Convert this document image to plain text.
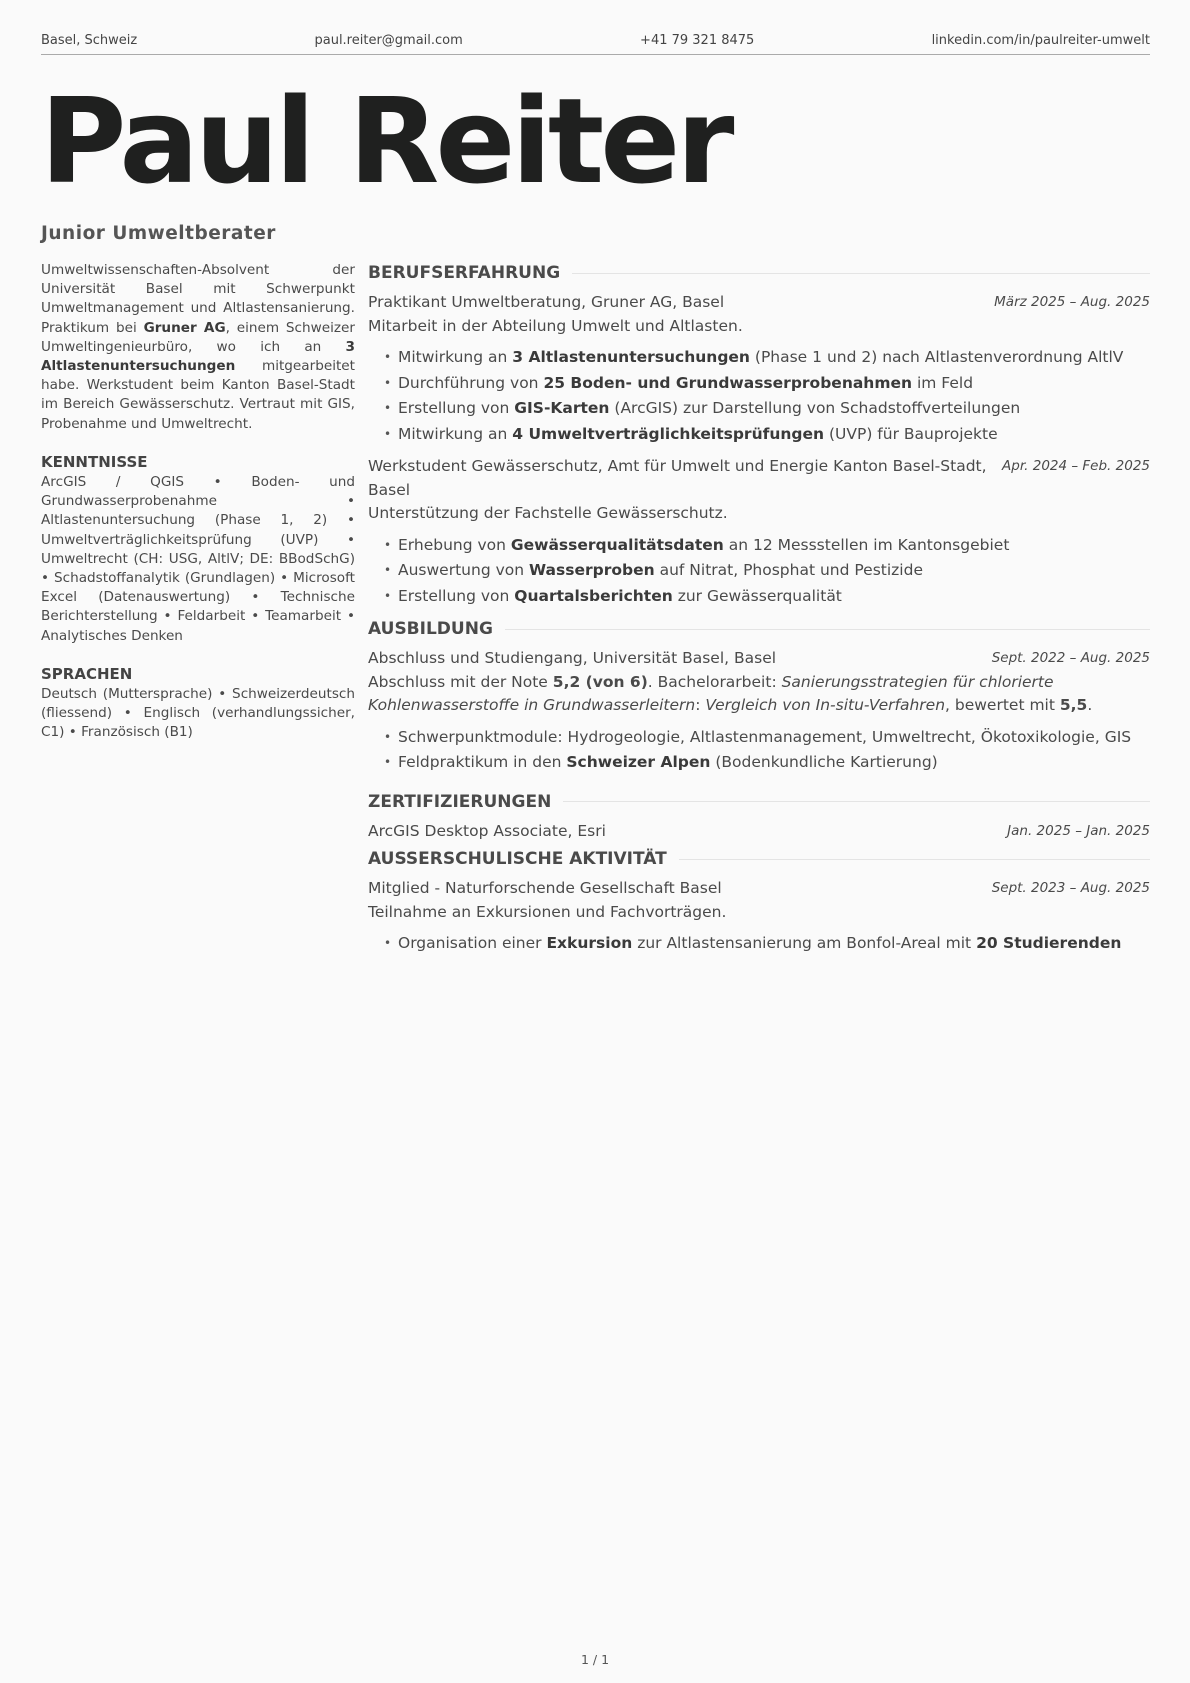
Basel, Schweiz	paul.reiter@gmail.com	+41 79 321 8475	linkedin.com/in/paulreiter-umwelt
Paul Reiter
Junior Umweltberater

Umweltwissenschaften-Absolvent der Universität Basel mit Schwerpunkt Umweltmanagement und Altlastensanierung. Praktikum bei Gruner AG, einem Schweizer Umweltingenieurbüro, wo ich an 3 Altlastenuntersuchungen mitgearbeitet habe. Werkstudent beim Kanton Basel-Stadt im Bereich Gewässerschutz. Vertraut mit GIS, Probenahme und Umweltrecht.

KENNTNISSE

ArcGIS / QGIS • Boden- und Grundwasserprobenahme • Altlastenuntersuchung (Phase 1, 2) • Umweltverträglichkeitsprüfung (UVP) • Umweltrecht (CH: USG, AltlV; DE: BBodSchG) • Schadstoffanalytik (Grundlagen) • Microsoft Excel (Datenauswertung) • Technische Berichterstellung • Feldarbeit • Teamarbeit • Analytisches Denken

SPRACHEN

Deutsch (Muttersprache) • Schweizerdeutsch (fliessend) • Englisch (verhandlungssicher, C1) • Französisch (B1)

BERUFSERFAHRUNG
Praktikant Umweltberatung, Gruner AG, Basel	März 2025 – Aug. 2025

Mitarbeit in der Abteilung Umwelt und Altlasten.

• Mitwirkung an 3 Altlastenuntersuchungen (Phase 1 und 2) nach Altlastenverordnung AltlV
• Durchführung von 25 Boden- und Grundwasserprobenahmen im Feld
• Erstellung von GIS-Karten (ArcGIS) zur Darstellung von Schadstoffverteilungen
• Mitwirkung an 4 Umweltverträglichkeitsprüfungen (UVP) für Bauprojekte
Werkstudent Gewässerschutz, Amt für Umwelt und Energie Kanton Basel-Stadt, Basel
Apr. 2024 – Feb. 2025

Unterstützung der Fachstelle Gewässerschutz.

• Erhebung von Gewässerqualitätsdaten an 12 Messstellen im Kantonsgebiet
• Auswertung von Wasserproben auf Nitrat, Phosphat und Pestizide
• Erstellung von Quartalsberichten zur Gewässerqualität
AUSBILDUNG
Abschluss und Studiengang, Universität Basel, Basel	Sept. 2022 – Aug. 2025

Abschluss mit der Note 5,2 (von 6). Bachelorarbeit: Sanierungsstrategien für chlorierte Kohlenwasserstoffe in Grundwasserleitern: Vergleich von In-situ-Verfahren, bewertet mit 5,5.

• Schwerpunktmodule: Hydrogeologie, Altlastenmanagement, Umweltrecht, Ökotoxikologie, GIS
• Feldpraktikum in den Schweizer Alpen (Bodenkundliche Kartierung)
ZERTIFIZIERUNGEN
ArcGIS Desktop Associate, Esri	Jan. 2025 – Jan. 2025
AUSSERSCHULISCHE AKTIVITÄT
Mitglied - Naturforschende Gesellschaft Basel	Sept. 2023 – Aug. 2025

Teilnahme an Exkursionen und Fachvorträgen.

• Organisation einer Exkursion zur Altlastensanierung am Bonfol-Areal mit 20 Studierenden
1 / 1
